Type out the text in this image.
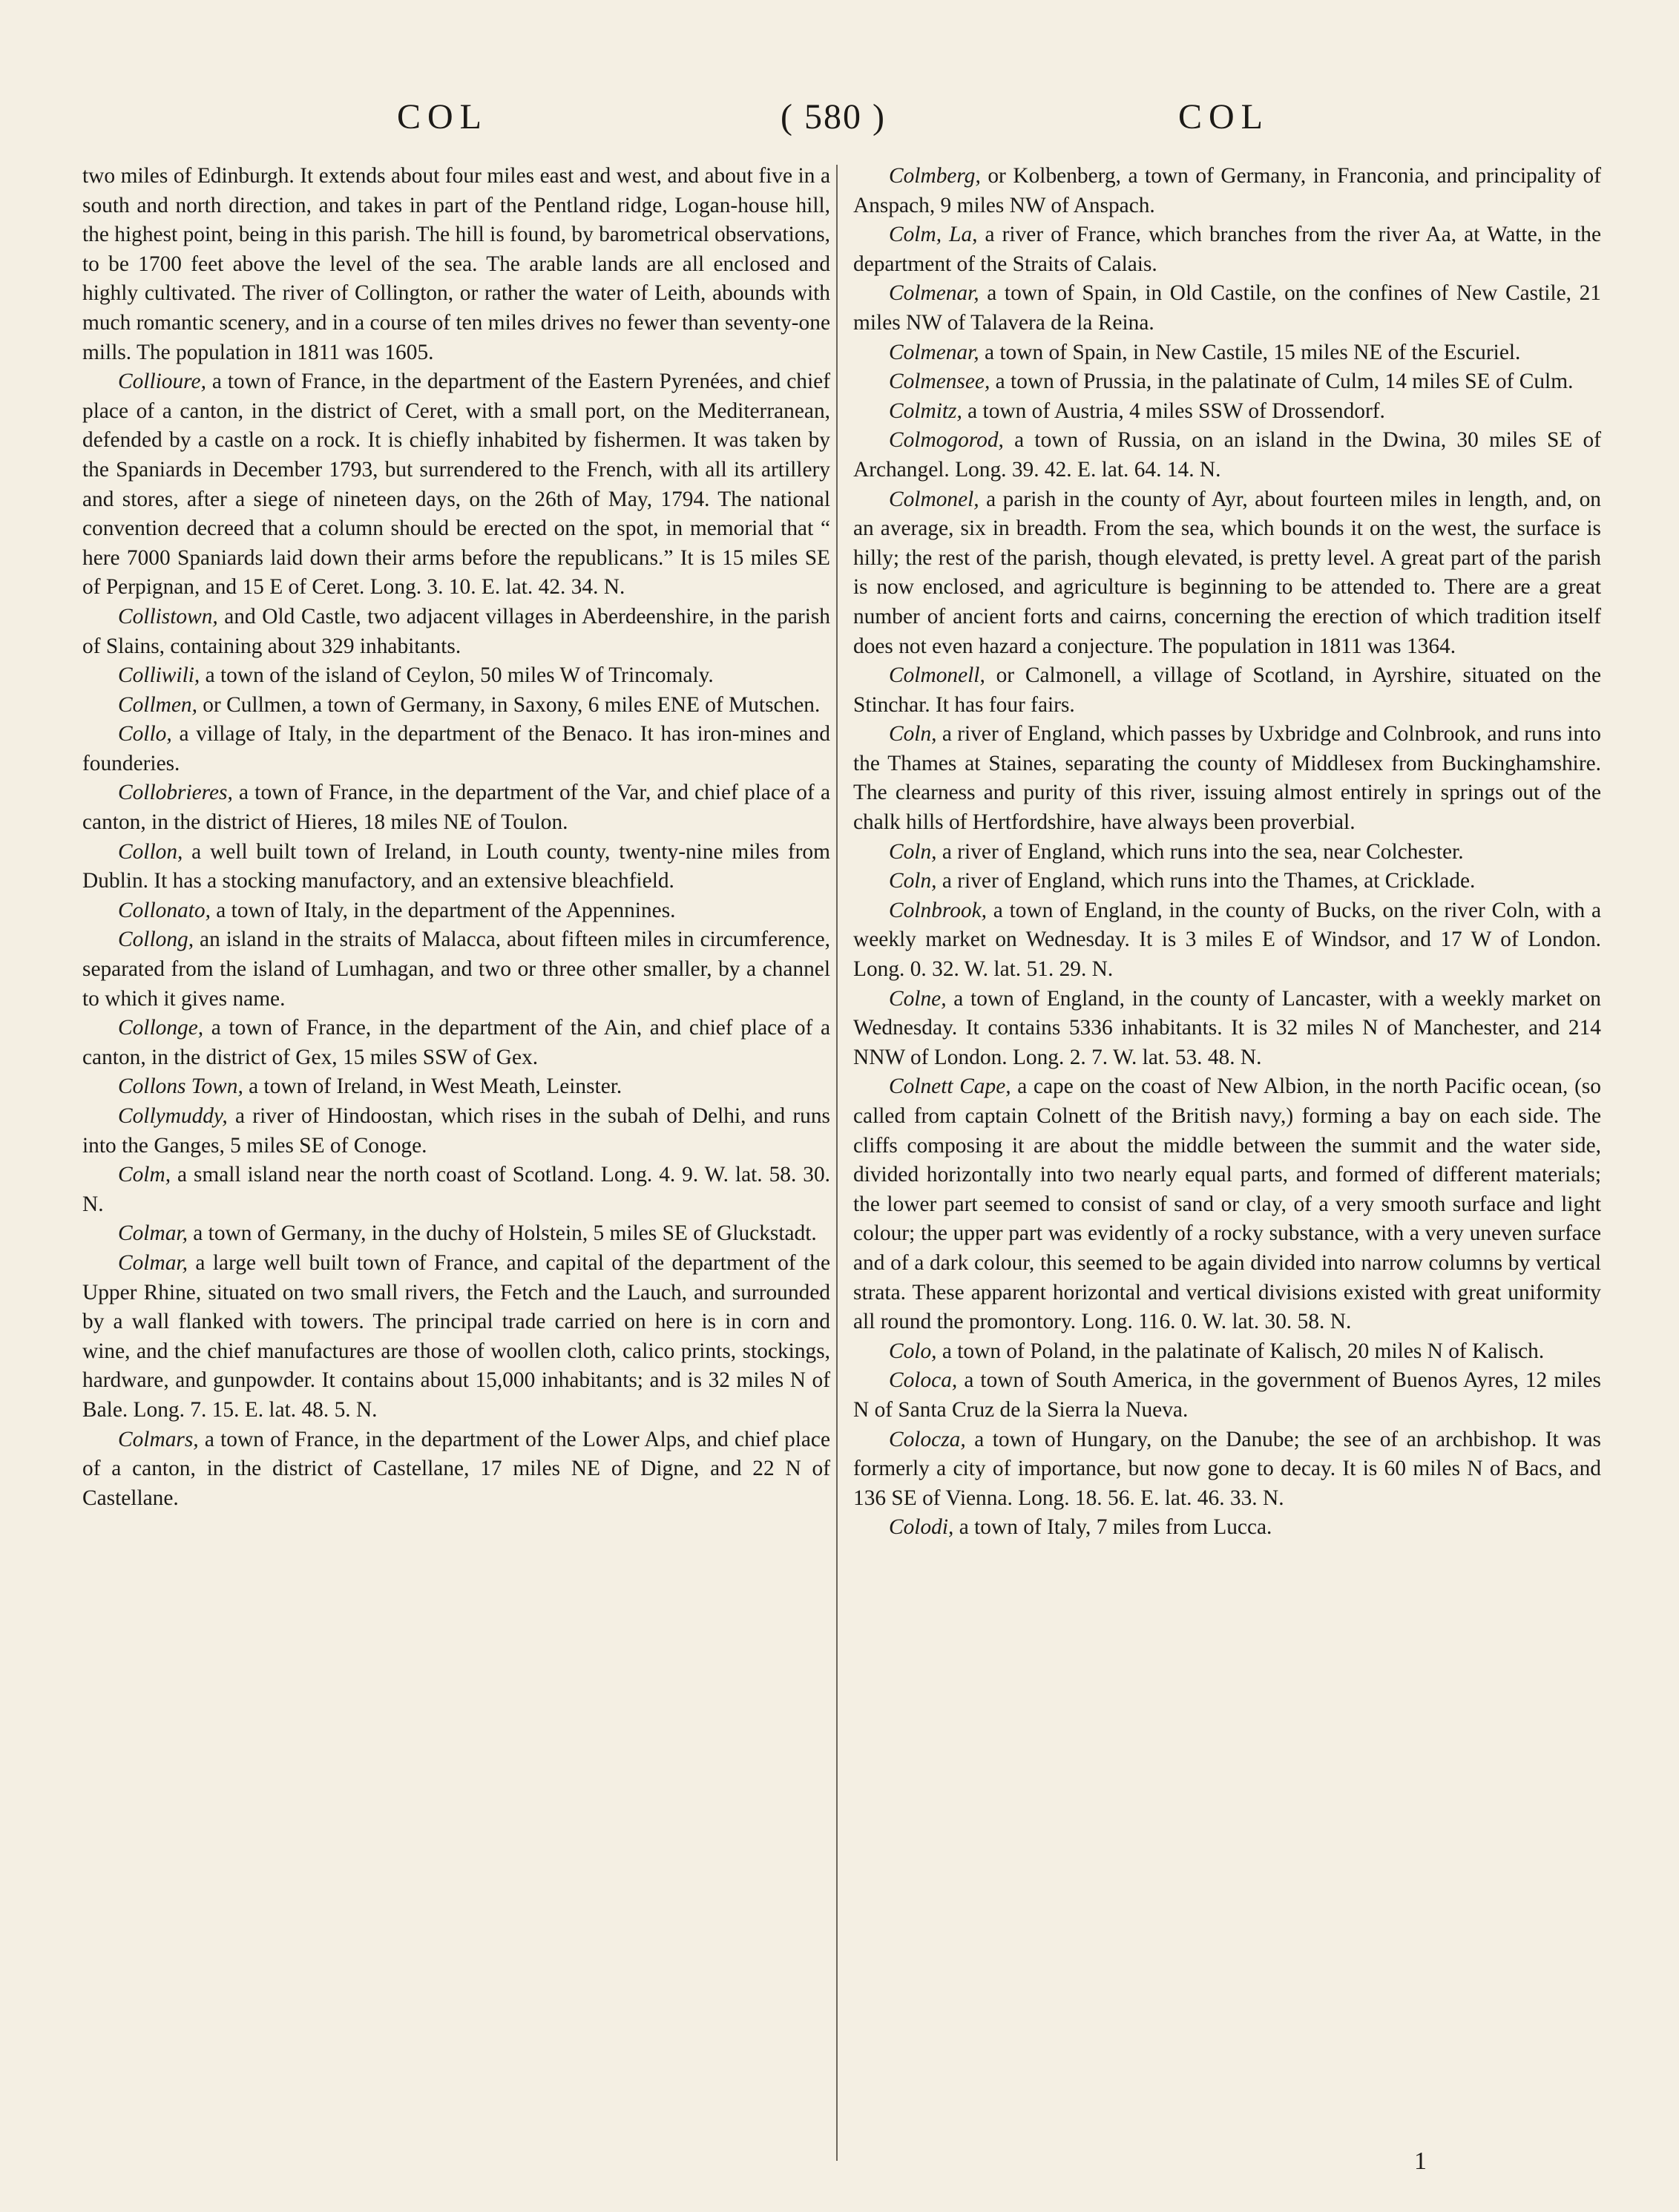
COL	( 580 )	COL

two miles of Edinburgh. It extends about four miles east and west, and about five in a south and north direction, and takes in part of the Pentland ridge, Logan-house hill, the highest point, being in this parish. The hill is found, by barometrical observations, to be 1700 feet above the level of the sea. The arable lands are all enclosed and highly cultivated. The river of Collington, or rather the water of Leith, abounds with much romantic scenery, and in a course of ten miles drives no fewer than seventy-one mills. The population in 1811 was 1605.

Collioure, a town of France, in the department of the Eastern Pyrenées, and chief place of a canton, in the district of Ceret, with a small port, on the Mediterranean, defended by a castle on a rock. It is chiefly inhabited by fishermen. It was taken by the Spaniards in December 1793, but surrendered to the French, with all its artillery and stores, after a siege of nineteen days, on the 26th of May, 1794. The national convention decreed that a column should be erected on the spot, in memorial that “ here 7000 Spaniards laid down their arms before the republicans.” It is 15 miles SE of Perpignan, and 15 E of Ceret. Long. 3. 10. E. lat. 42. 34. N.

Collistown, and Old Castle, two adjacent villages in Aberdeenshire, in the parish of Slains, containing about 329 inhabitants.

Colliwili, a town of the island of Ceylon, 50 miles W of Trincomaly.

Collmen, or Cullmen, a town of Germany, in Saxony, 6 miles ENE of Mutschen.

Collo, a village of Italy, in the department of the Benaco. It has iron-mines and founderies.

Collobrieres, a town of France, in the department of the Var, and chief place of a canton, in the district of Hieres, 18 miles NE of Toulon.

Collon, a well built town of Ireland, in Louth county, twenty-nine miles from Dublin. It has a stocking manufactory, and an extensive bleachfield.

Collonato, a town of Italy, in the department of the Appennines.

Collong, an island in the straits of Malacca, about fifteen miles in circumference, separated from the island of Lumhagan, and two or three other smaller, by a channel to which it gives name.

Collonge, a town of France, in the department of the Ain, and chief place of a canton, in the district of Gex, 15 miles SSW of Gex.

Collons Town, a town of Ireland, in West Meath, Leinster.

Collymuddy, a river of Hindoostan, which rises in the subah of Delhi, and runs into the Ganges, 5 miles SE of Conoge.

Colm, a small island near the north coast of Scotland. Long. 4. 9. W. lat. 58. 30. N.

Colmar, a town of Germany, in the duchy of Holstein, 5 miles SE of Gluckstadt.

Colmar, a large well built town of France, and capital of the department of the Upper Rhine, situated on two small rivers, the Fetch and the Lauch, and surrounded by a wall flanked with towers. The principal trade carried on here is in corn and wine, and the chief manufactures are those of woollen cloth, calico prints, stockings, hardware, and gunpowder. It contains about 15,000 inhabitants; and is 32 miles N of Bale. Long. 7. 15. E. lat. 48. 5. N.

Colmars, a town of France, in the department of the Lower Alps, and chief place of a canton, in the district of Castellane, 17 miles NE of Digne, and 22 N of Castellane.

Colmberg, or Kolbenberg, a town of Germany, in Franconia, and principality of Anspach, 9 miles NW of Anspach.

Colm, La, a river of France, which branches from the river Aa, at Watte, in the department of the Straits of Calais.

Colmenar, a town of Spain, in Old Castile, on the confines of New Castile, 21 miles NW of Talavera de la Reina.

Colmenar, a town of Spain, in New Castile, 15 miles NE of the Escuriel.

Colmensee, a town of Prussia, in the palatinate of Culm, 14 miles SE of Culm.

Colmitz, a town of Austria, 4 miles SSW of Drossendorf.

Colmogorod, a town of Russia, on an island in the Dwina, 30 miles SE of Archangel. Long. 39. 42. E. lat. 64. 14. N.

Colmonel, a parish in the county of Ayr, about fourteen miles in length, and, on an average, six in breadth. From the sea, which bounds it on the west, the surface is hilly; the rest of the parish, though elevated, is pretty level. A great part of the parish is now enclosed, and agriculture is beginning to be attended to. There are a great number of ancient forts and cairns, concerning the erection of which tradition itself does not even hazard a conjecture. The population in 1811 was 1364.

Colmonell, or Calmonell, a village of Scotland, in Ayrshire, situated on the Stinchar. It has four fairs.

Coln, a river of England, which passes by Uxbridge and Colnbrook, and runs into the Thames at Staines, separating the county of Middlesex from Buckinghamshire. The clearness and purity of this river, issuing almost entirely in springs out of the chalk hills of Hertfordshire, have always been proverbial.

Coln, a river of England, which runs into the sea, near Colchester.

Coln, a river of England, which runs into the Thames, at Cricklade.

Colnbrook, a town of England, in the county of Bucks, on the river Coln, with a weekly market on Wednesday. It is 3 miles E of Windsor, and 17 W of London. Long. 0. 32. W. lat. 51. 29. N.

Colne, a town of England, in the county of Lancaster, with a weekly market on Wednesday. It contains 5336 inhabitants. It is 32 miles N of Manchester, and 214 NNW of London. Long. 2. 7. W. lat. 53. 48. N.

Colnett Cape, a cape on the coast of New Albion, in the north Pacific ocean, (so called from captain Colnett of the British navy,) forming a bay on each side. The cliffs composing it are about the middle between the summit and the water side, divided horizontally into two nearly equal parts, and formed of different materials; the lower part seemed to consist of sand or clay, of a very smooth surface and light colour; the upper part was evidently of a rocky substance, with a very uneven surface and of a dark colour, this seemed to be again divided into narrow columns by vertical strata. These apparent horizontal and vertical divisions existed with great uniformity all round the promontory. Long. 116. 0. W. lat. 30. 58. N.

Colo, a town of Poland, in the palatinate of Kalisch, 20 miles N of Kalisch.

Coloca, a town of South America, in the government of Buenos Ayres, 12 miles N of Santa Cruz de la Sierra la Nueva.

Colocza, a town of Hungary, on the Danube; the see of an archbishop. It was formerly a city of importance, but now gone to decay. It is 60 miles N of Bacs, and 136 SE of Vienna. Long. 18. 56. E. lat. 46. 33. N.

Colodi, a town of Italy, 7 miles from Lucca.

1
